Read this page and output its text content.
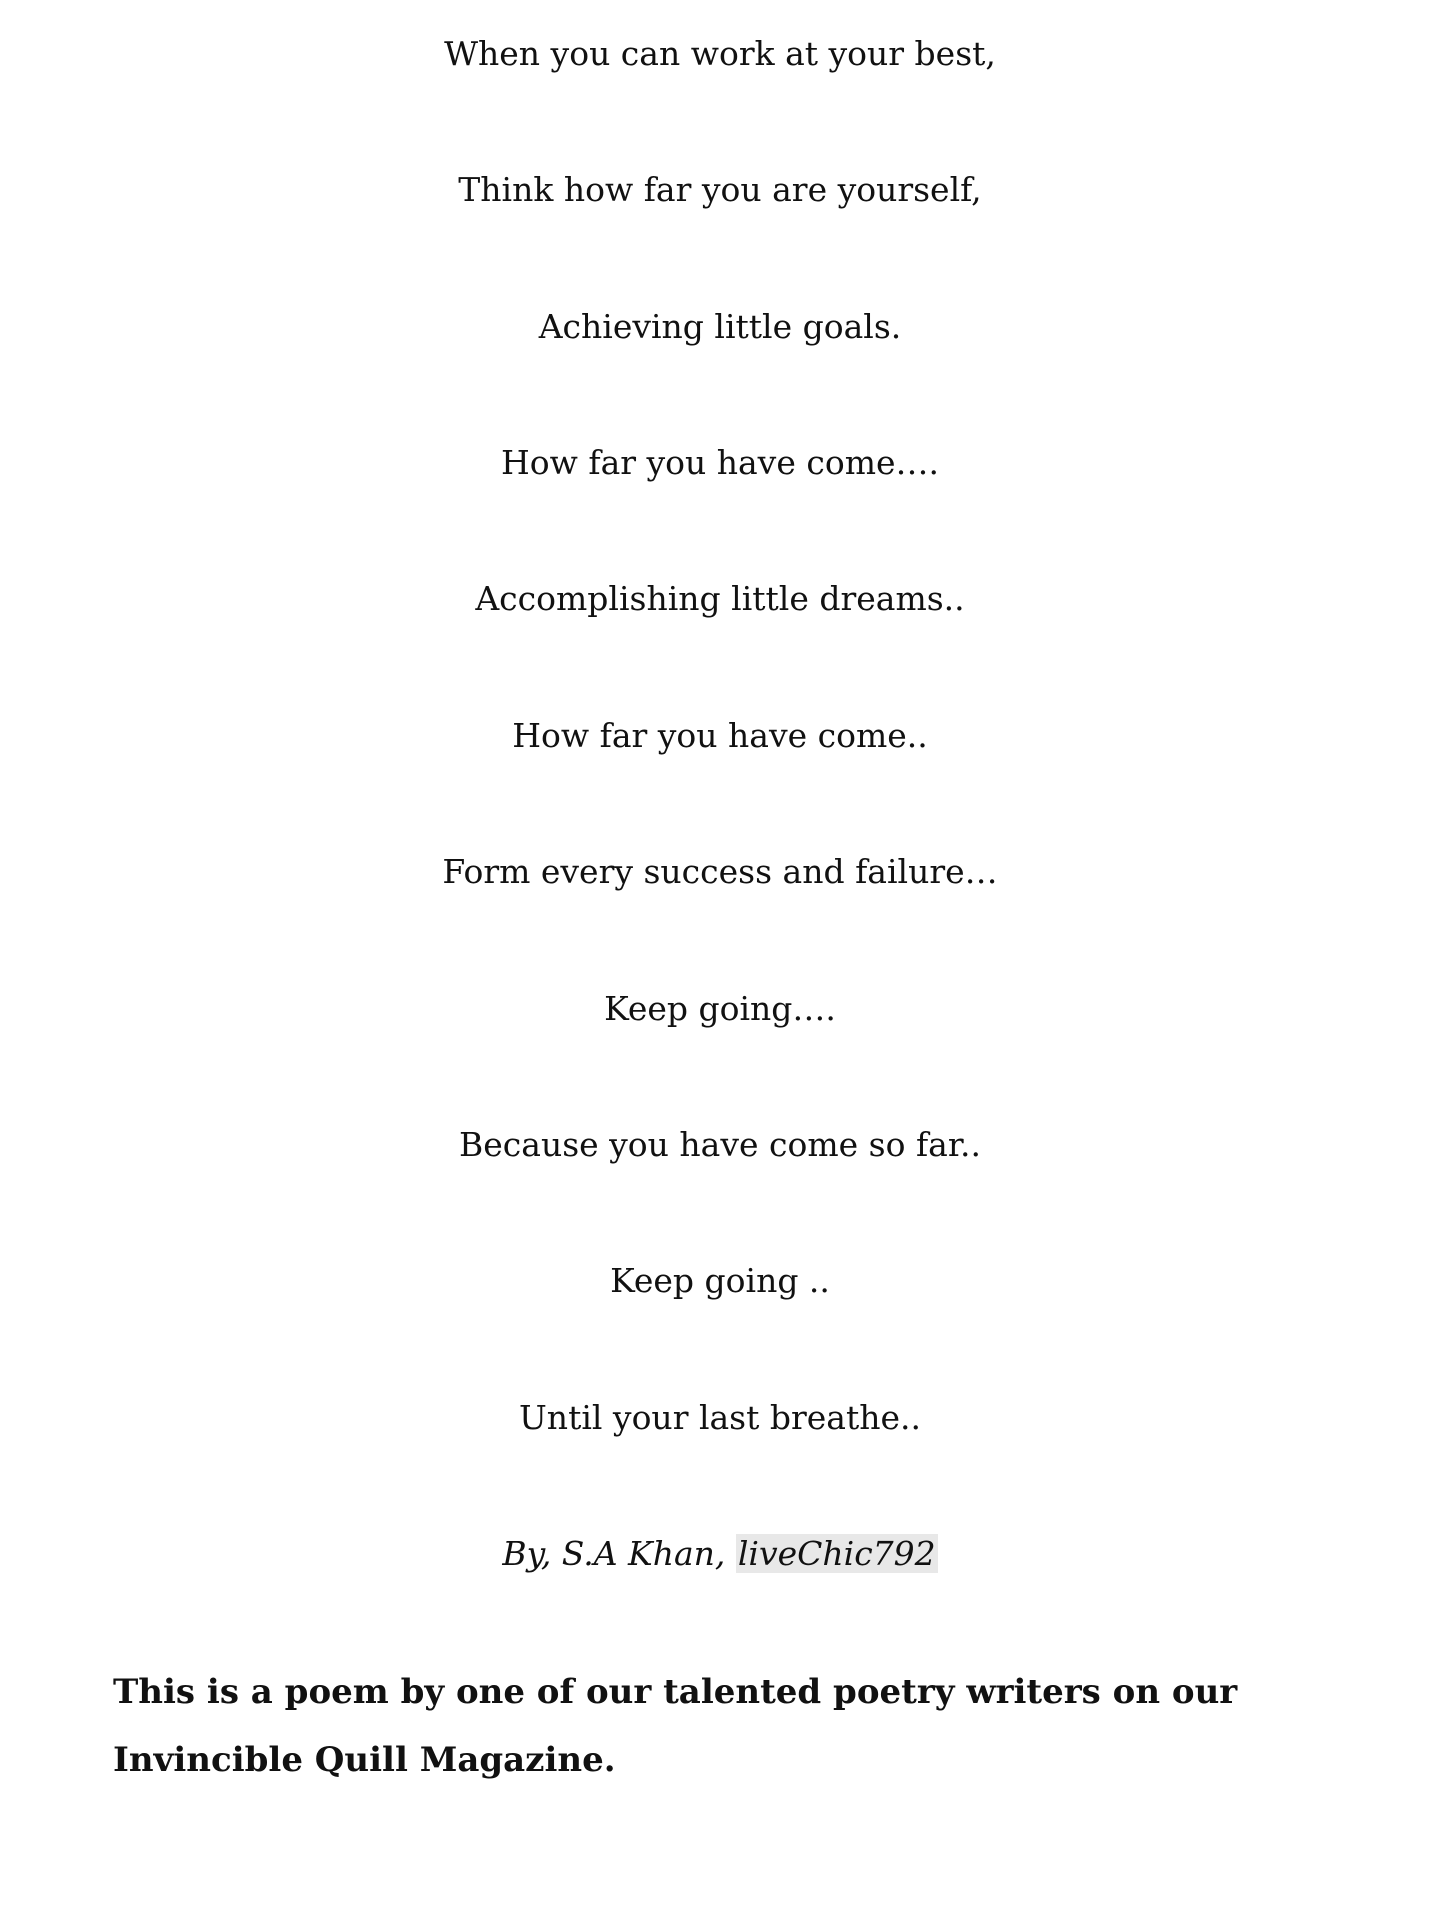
When you can work at your best,

Think how far you are yourself,

Achieving little goals.

How far you have come….

Accomplishing little dreams..

How far you have come..

Form every success and failure…

Keep going….

Because you have come so far..

Keep going ..

Until your last breathe..

By, S.A Khan, liveChic792

This is a poem by one of our talented poetry writers on our Invincible Quill Magazine.
